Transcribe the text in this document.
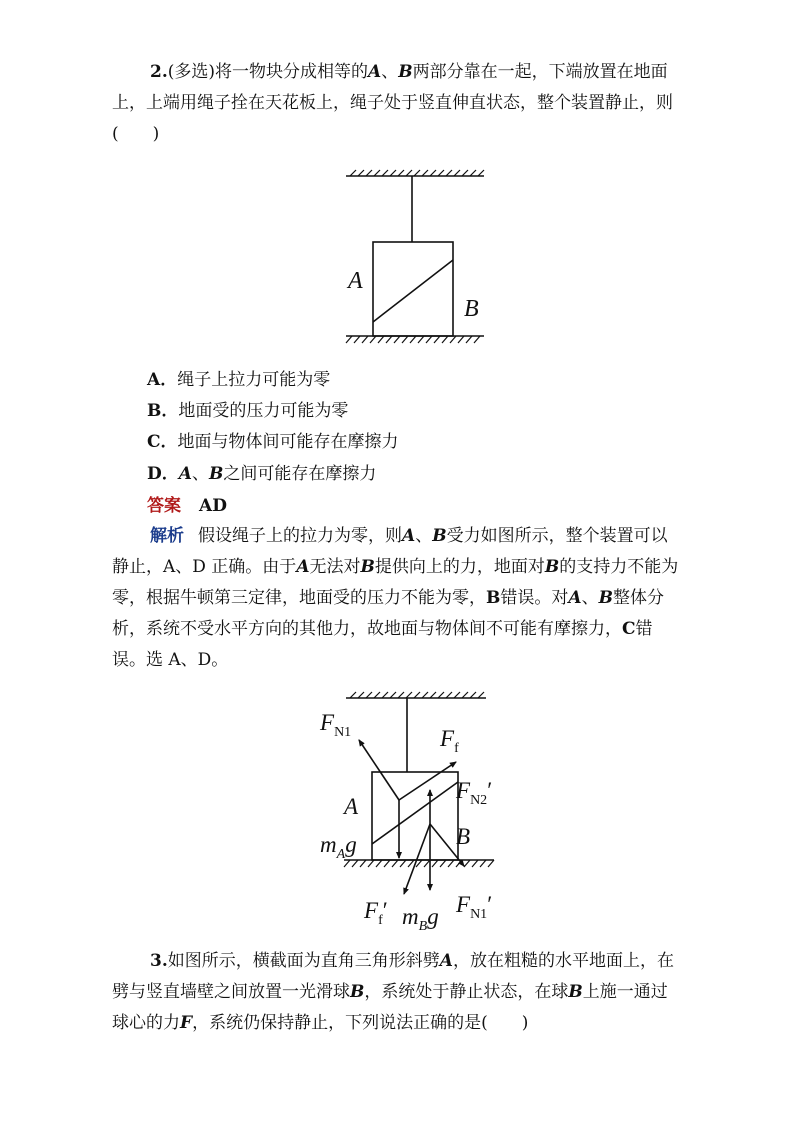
2.(多选)将一物块分成相等的A、B两部分靠在一起，下端放置在地面上，上端用绳子拴在天花板上，绳子处于竖直伸直状态，整个装置静止，则(　　)

A
B
A．绳子上拉力可能为零
B．地面受的压力可能为零
C．地面与物体间可能存在摩擦力
D．A、B之间可能存在摩擦力
答案 AD

解析 假设绳子上的拉力为零，则A、B受力如图所示，整个装置可以静止，A、D 正确。由于A无法对B提供向上的力，地面对B的支持力不能为零，根据牛顿第三定律，地面受的压力不能为零，B错误。对A、B整体分析，系统不受水平方向的其他力，故地面与物体间不可能有摩擦力，C错误。选 A、D。

$F_{N1}$	$F_f$
A
$F_{N2}'$
$m_Ag$	B
$F_f'$ $m_Bg$ $F_{N1}'$

3.如图所示，横截面为直角三角形斜劈A，放在粗糙的水平地面上，在劈与竖直墙壁之间放置一光滑球B，系统处于静止状态，在球B上施一通过球心的力F，系统仍保持静止，下列说法正确的是(　　)
